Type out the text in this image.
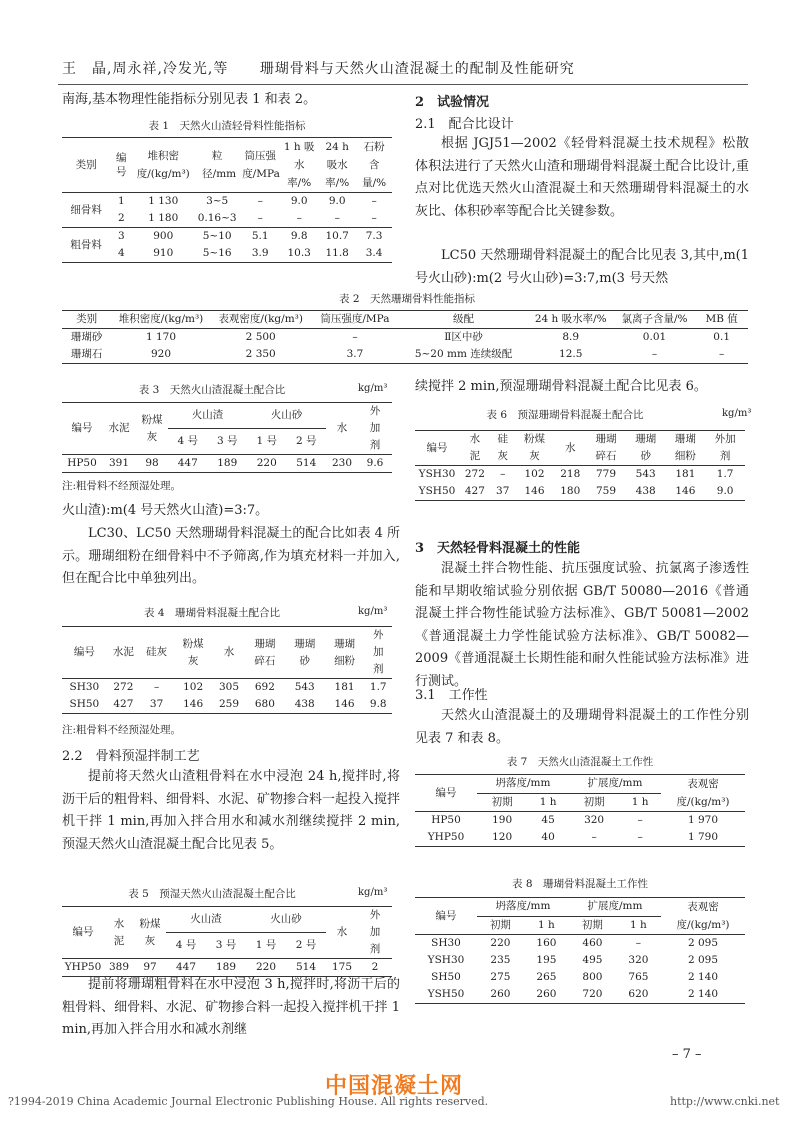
王　晶,周永祥,冷发光,等 珊瑚骨料与天然火山渣混凝土的配制及性能研究
南海,基本物理性能指标分别见表 1 和表 2。
表 1　天然火山渣轻骨料性能指标
类别	编号	堆积密度/(kg/m³)	粒径/mm	筒压强度/MPa	1 h 吸水率/%	24 h 吸水率/%	石粉含量/%
细骨料	1	1 130	3~5	–	9.0	9.0	–
	2	1 180	0.16~3	–	–	–	–
粗骨料	3	900	5~10	5.1	9.8	10.7	7.3
	4	910	5~16	3.9	10.3	11.8	3.4
表 2　天然珊瑚骨料性能指标
类别	堆积密度/(kg/m³)	表观密度/(kg/m³)	筒压强度/MPa	级配	24 h 吸水率/%	氯离子含量/%	MB 值
珊瑚砂	1 170	2 500	–	Ⅱ区中砂	8.9	0.01	0.1
珊瑚石	920	2 350	3.7	5~20 mm 连续级配	12.5	–	–
表 3　天然火山渣混凝土配合比	kg/m³
编号	水泥	粉煤灰	火山渣		火山砂		水	外加剂
			4 号	3 号	1 号	2 号		
HP50	391	98	447	189	220	514	230	9.6
注:粗骨料不经预湿处理。
火山渣):m(4 号天然火山渣)=3:7。
LC30、LC50 天然珊瑚骨料混凝土的配合比如表 4 所示。珊瑚细粉在细骨料中不予筛离,作为填充材料一并加入,但在配合比中单独列出。
表 4　珊瑚骨料混凝土配合比	kg/m³
编号	水泥	硅灰	粉煤灰	水	珊瑚碎石	珊瑚砂	珊瑚细粉	外加剂
SH30	272	–	102	305	692	543	181	1.7
SH50	427	37	146	259	680	438	146	9.8
注:粗骨料不经预湿处理。
2.2　骨料预湿拌制工艺
提前将天然火山渣粗骨料在水中浸泡 24 h,搅拌时,将沥干后的粗骨料、细骨料、水泥、矿物掺合料一起投入搅拌机干拌 1 min,再加入拌合用水和减水剂继续搅拌 2 min,预湿天然火山渣混凝土配合比见表 5。
表 5　预湿天然火山渣混凝土配合比	kg/m³
编号	水泥	粉煤灰	火山渣		火山砂		水	外加剂
			4 号	3 号	1 号	2 号		
YHP50	389	97	447	189	220	514	175	2
提前将珊瑚粗骨料在水中浸泡 3 h,搅拌时,将沥干后的粗骨料、细骨料、水泥、矿物掺合料一起投入搅拌机干拌 1 min,再加入拌合用水和减水剂继
2　试验情况
2.1　配合比设计
根据 JGJ51—2002《轻骨料混凝土技术规程》松散体积法进行了天然火山渣和珊瑚骨料混凝土配合比设计,重点对比优选天然火山渣混凝土和天然珊瑚骨料混凝土的水灰比、体积砂率等配合比关键参数。
LC50 天然珊瑚骨料混凝土的配合比见表 3,其中,m(1 号火山砂):m(2 号火山砂)=3:7,m(3 号天然
续搅拌 2 min,预湿珊瑚骨料混凝土配合比见表 6。
表 6　预湿珊瑚骨料混凝土配合比	kg/m³
编号	水泥	硅灰	粉煤灰	水	珊瑚碎石	珊瑚砂	珊瑚细粉	外加剂
YSH30	272	–	102	218	779	543	181	1.7
YSH50	427	37	146	180	759	438	146	9.0
3　天然轻骨料混凝土的性能
混凝土拌合物性能、抗压强度试验、抗氯离子渗透性能和早期收缩试验分别依据 GB/T 50080—2016《普通混凝土拌合物性能试验方法标准》、GB/T 50081—2002《普通混凝土力学性能试验方法标准》、GB/T 50082—2009《普通混凝土长期性能和耐久性能试验方法标准》进行测试。
3.1　工作性
天然火山渣混凝土的及珊瑚骨料混凝土的工作性分别见表 7 和表 8。
表 7　天然火山渣混凝土工作性
编号	坍落度/mm		扩展度/mm		表观密度/(kg/m³)
	初期	1 h	初期	1 h	
HP50	190	45	320	–	1 970
YHP50	120	40	–	–	1 790
表 8　珊瑚骨料混凝土工作性
编号	坍落度/mm		扩展度/mm		表观密度/(kg/m³)
	初期	1 h	初期	1 h	
SH30	220	160	460	–	2 095
YSH30	235	195	495	320	2 095
SH50	275	265	800	765	2 140
YSH50	260	260	720	620	2 140
– 7 –
中国混凝土网
?1994-2019 China Academic Journal Electronic Publishing House. All rights reserved.	http://www.cnki.net
